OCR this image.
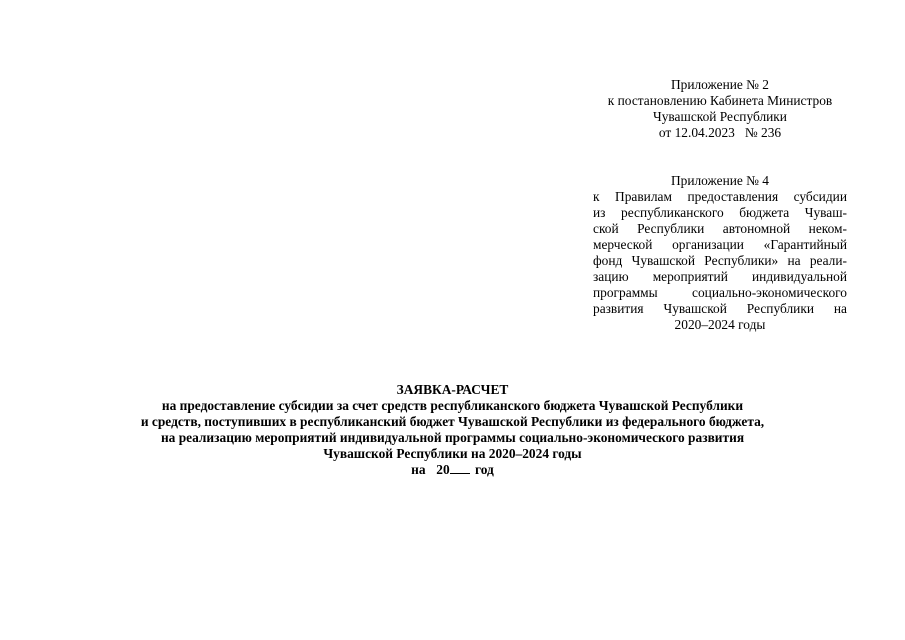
Приложение № 2
к постановлению Кабинета Министров
Чувашской Республики
от 12.04.2023   № 236
Приложение № 4
к Правилам предоставления субсидии
из республиканского бюджета Чуваш-
ской Республики автономной неком-
мерческой организации «Гарантийный
фонд Чувашской Республики» на реали-
зацию мероприятий индивидуальной
программы социально-экономического
развития Чувашской Республики на
2020–2024 годы
ЗАЯВКА-РАСЧЕТ
на предоставление субсидии за счет средств республиканского бюджета Чувашской Республики
и средств, поступивших в республиканский бюджет Чувашской Республики из федерального бюджета,
на реализацию мероприятий индивидуальной программы социально-экономического развития
Чувашской Республики на 2020–2024 годы
на  20 год
